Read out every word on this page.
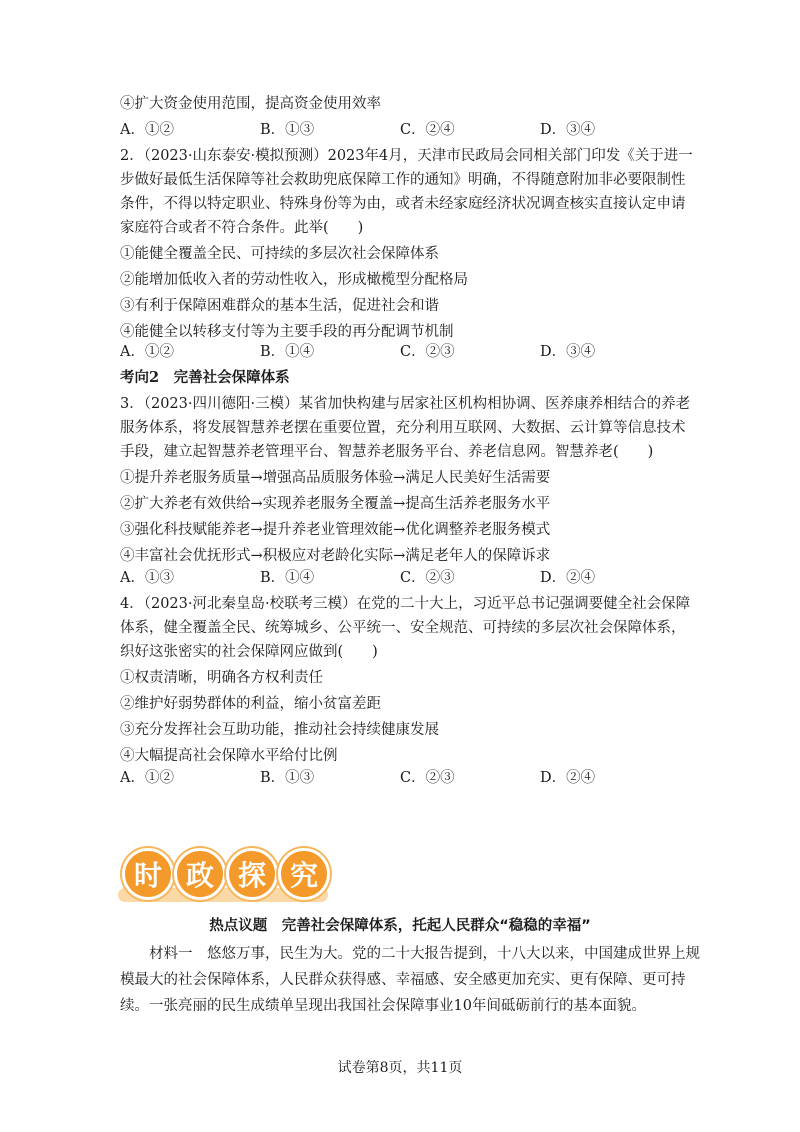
④扩大资金使用范围，提高资金使用效率
A．①②	B．①③	C．②④	D．③④
2．（2023·山东泰安·模拟预测）2023年4月，天津市民政局会同相关部门印发《关于进一
步做好最低生活保障等社会救助兜底保障工作的通知》明确，不得随意附加非必要限制性
条件，不得以特定职业、特殊身份等为由，或者未经家庭经济状况调查核实直接认定申请
家庭符合或者不符合条件。此举(　　)
①能健全覆盖全民、可持续的多层次社会保障体系
②能增加低收入者的劳动性收入，形成橄榄型分配格局
③有利于保障困难群众的基本生活，促进社会和谐
④能健全以转移支付等为主要手段的再分配调节机制
A．①②	B．①④	C．②③	D．③④
考向2　完善社会保障体系
3．（2023·四川德阳·三模）某省加快构建与居家社区机构相协调、医养康养相结合的养老
服务体系，将发展智慧养老摆在重要位置，充分利用互联网、大数据、云计算等信息技术
手段，建立起智慧养老管理平台、智慧养老服务平台、养老信息网。智慧养老(　　)
①提升养老服务质量→增强高品质服务体验→满足人民美好生活需要
②扩大养老有效供给→实现养老服务全覆盖→提高生活养老服务水平
③强化科技赋能养老→提升养老业管理效能→优化调整养老服务模式
④丰富社会优抚形式→积极应对老龄化实际→满足老年人的保障诉求
A．①③	B．①④	C．②③	D．②④
4．（2023·河北秦皇岛·校联考三模）在党的二十大上，习近平总书记强调要健全社会保障
体系，健全覆盖全民、统筹城乡、公平统一、安全规范、可持续的多层次社会保障体系，
织好这张密实的社会保障网应做到(　　)
①权责清晰，明确各方权利责任
②维护好弱势群体的利益，缩小贫富差距
③充分发挥社会互助功能，推动社会持续健康发展
④大幅提高社会保障水平给付比例
A．①②	B．①③	C．②③	D．②④
时 政 探 究
热点议题　完善社会保障体系，托起人民群众“稳稳的幸福”
　　材料一　悠悠万事，民生为大。党的二十大报告提到，十八大以来，中国建成世界上规
模最大的社会保障体系，人民群众获得感、幸福感、安全感更加充实、更有保障、更可持
续。一张亮丽的民生成绩单呈现出我国社会保障事业10年间砥砺前行的基本面貌。
试卷第8页，共11页
